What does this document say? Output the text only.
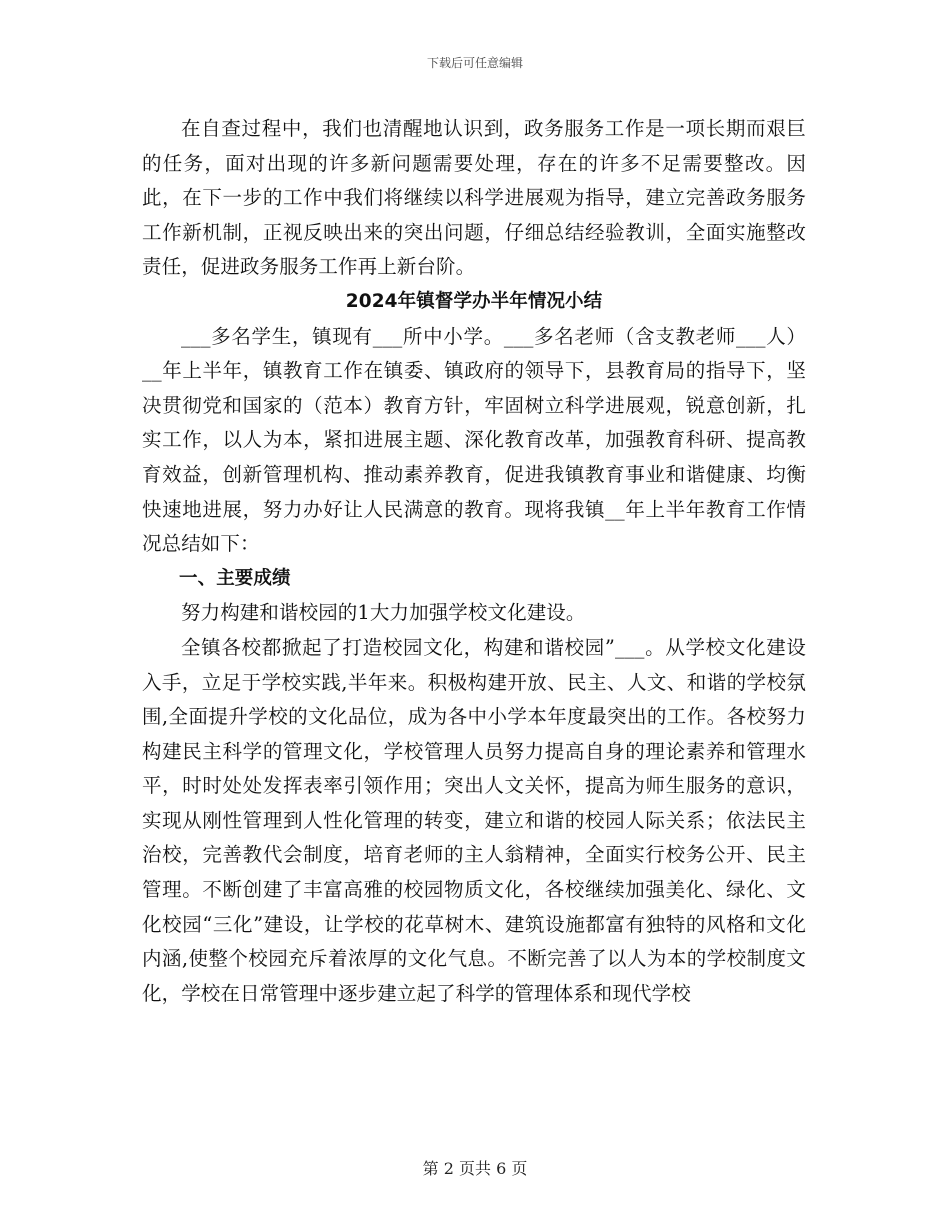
下载后可任意编辑

在自查过程中，我们也清醒地认识到，政务服务工作是一项长期而艰巨的任务，面对出现的许多新问题需要处理，存在的许多不足需要整改。因此，在下一步的工作中我们将继续以科学进展观为指导，建立完善政务服务工作新机制，正视反映出来的突出问题，仔细总结经验教训，全面实施整改责任，促进政务服务工作再上新台阶。

2024年镇督学办半年情况小结

___多名学生，镇现有___所中小学。___多名老师（含支教老师___人）__年上半年，镇教育工作在镇委、镇政府的领导下，县教育局的指导下，坚决贯彻党和国家的（范本）教育方针，牢固树立科学进展观，锐意创新，扎实工作，以人为本，紧扣进展主题、深化教育改革，加强教育科研、提高教育效益，创新管理机构、推动素养教育，促进我镇教育事业和谐健康、均衡快速地进展，努力办好让人民满意的教育。现将我镇__年上半年教育工作情况总结如下：

一、主要成绩

努力构建和谐校园的1大力加强学校文化建设。

全镇各校都掀起了打造校园文化，构建和谐校园”___。从学校文化建设入手，立足于学校实践,半年来。积极构建开放、民主、人文、和谐的学校氛围,全面提升学校的文化品位，成为各中小学本年度最突出的工作。各校努力构建民主科学的管理文化，学校管理人员努力提高自身的理论素养和管理水平，时时处处发挥表率引领作用；突出人文关怀，提高为师生服务的意识，实现从刚性管理到人性化管理的转变，建立和谐的校园人际关系；依法民主治校，完善教代会制度，培育老师的主人翁精神，全面实行校务公开、民主管理。不断创建了丰富高雅的校园物质文化，各校继续加强美化、绿化、文化校园“三化”建设，让学校的花草树木、建筑设施都富有独特的风格和文化内涵,使整个校园充斥着浓厚的文化气息。不断完善了以人为本的学校制度文化，学校在日常管理中逐步建立起了科学的管理体系和现代学校

第 2 页共 6 页
